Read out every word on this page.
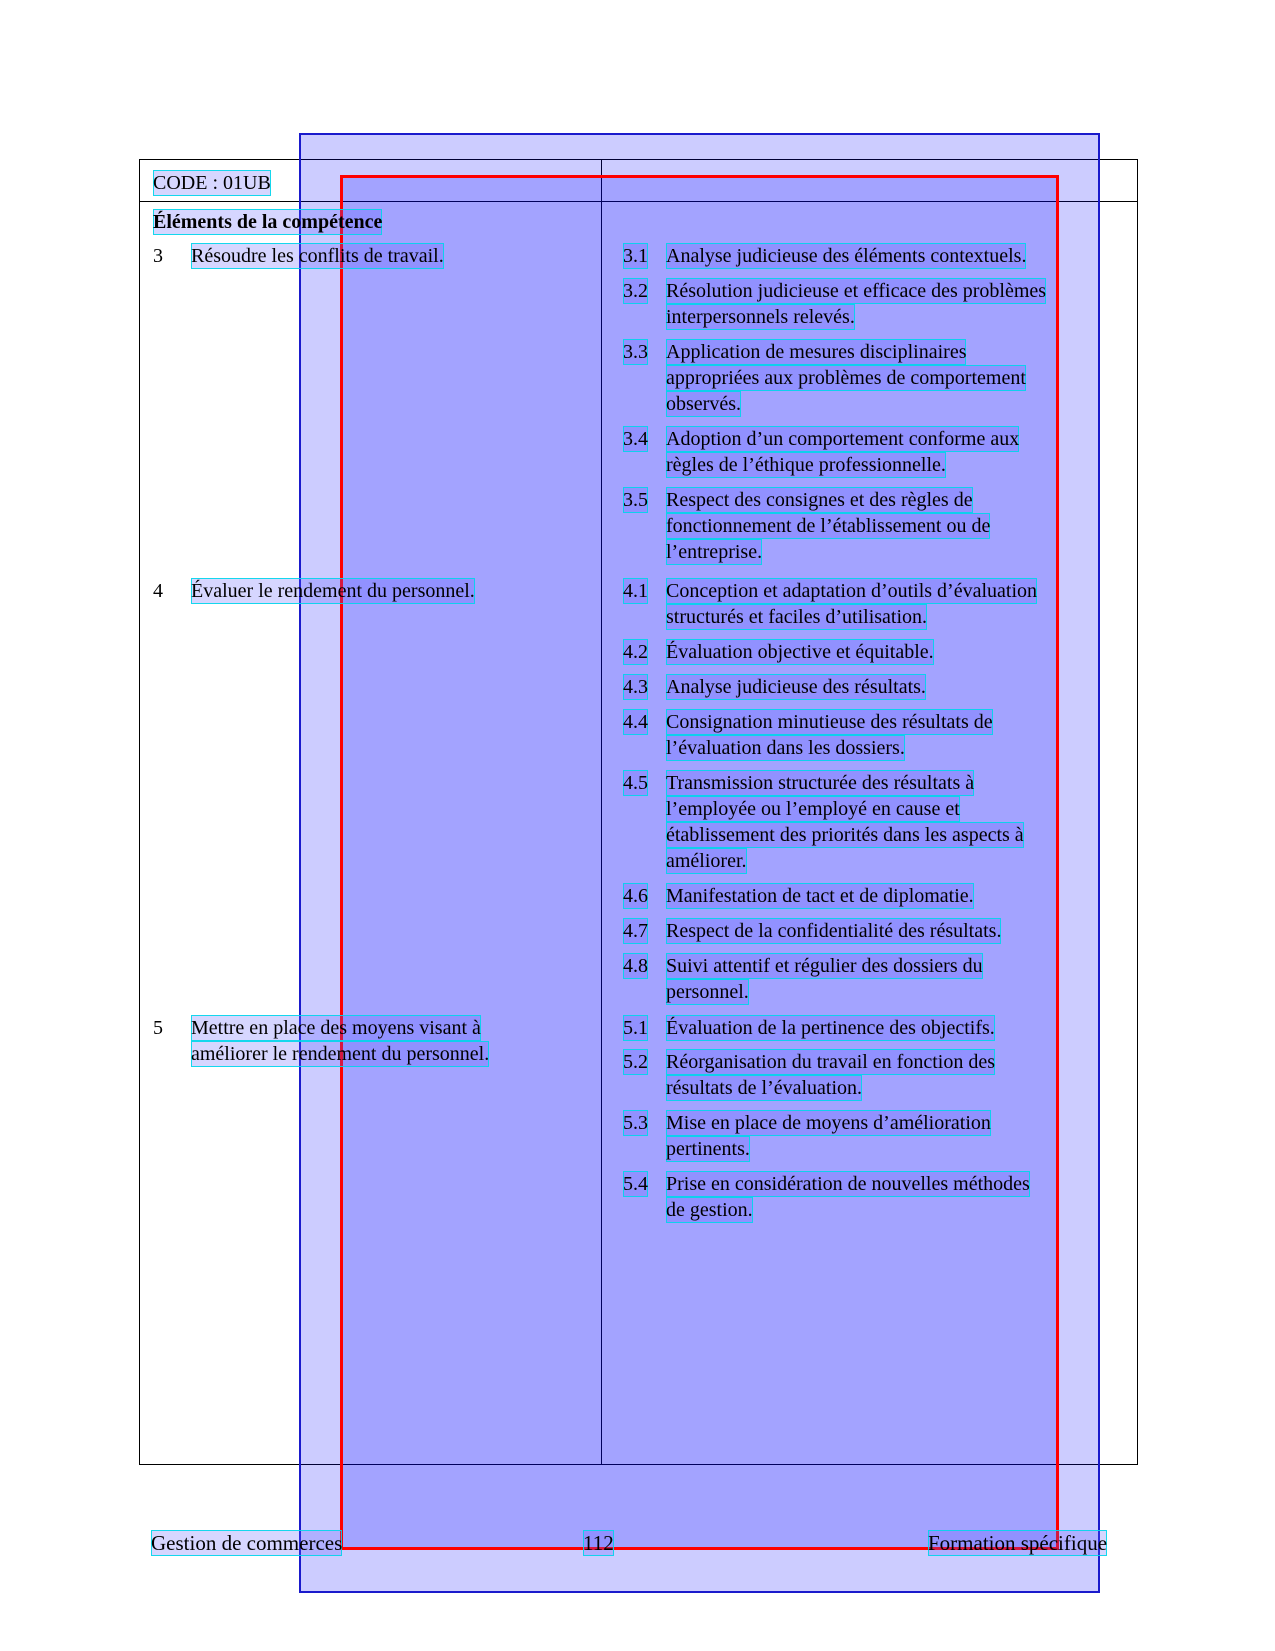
CODE : 01UB
Éléments de la compétence
3 Résoudre les conflits de travail.
4 Évaluer le rendement du personnel.
5 Mettre en place des moyens visant à
améliorer le rendement du personnel.
3.1 Analyse judicieuse des éléments contextuels.
3.2 Résolution judicieuse et efficace des problèmes
interpersonnels relevés.
3.3 Application de mesures disciplinaires
appropriées aux problèmes de comportement
observés.
3.4 Adoption d’un comportement conforme aux
règles de l’éthique professionnelle.
3.5 Respect des consignes et des règles de
fonctionnement de l’établissement ou de
l’entreprise.
4.1 Conception et adaptation d’outils d’évaluation
structurés et faciles d’utilisation.
4.2 Évaluation objective et équitable.
4.3 Analyse judicieuse des résultats.
4.4 Consignation minutieuse des résultats de
l’évaluation dans les dossiers.
4.5 Transmission structurée des résultats à
l’employée ou l’employé en cause et
établissement des priorités dans les aspects à
améliorer.
4.6 Manifestation de tact et de diplomatie.
4.7 Respect de la confidentialité des résultats.
4.8 Suivi attentif et régulier des dossiers du
personnel.
5.1 Évaluation de la pertinence des objectifs.
5.2 Réorganisation du travail en fonction des
résultats de l’évaluation.
5.3 Mise en place de moyens d’amélioration
pertinents.
5.4 Prise en considération de nouvelles méthodes
de gestion.
Gestion de commerces	112	Formation spécifique
